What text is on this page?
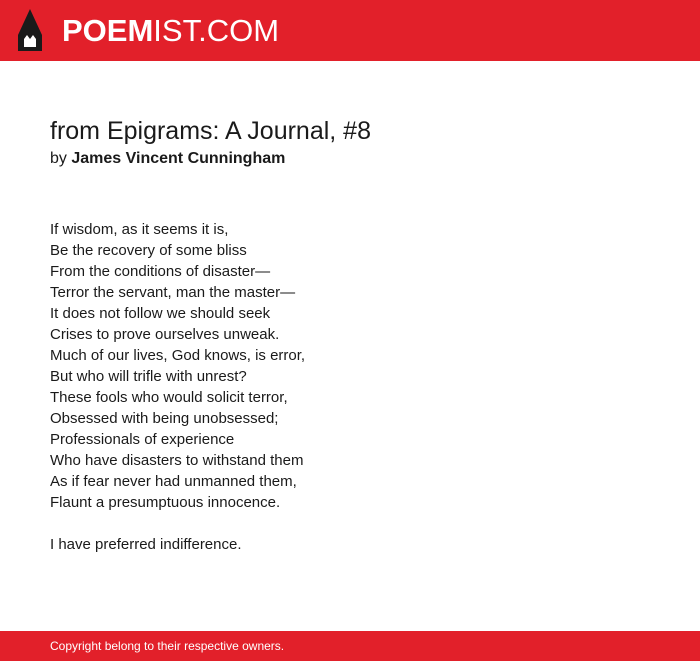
POEMIST.COM
from Epigrams: A Journal, #8
by James Vincent Cunningham
If wisdom, as it seems it is,
Be the recovery of some bliss
From the conditions of disaster—
Terror the servant, man the master—
It does not follow we should seek
Crises to prove ourselves unweak.
Much of our lives, God knows, is error,
But who will trifle with unrest?
These fools who would solicit terror,
Obsessed with being unobsessed;
Professionals of experience
Who have disasters to withstand them
As if fear never had unmanned them,
Flaunt a presumptuous innocence.
I have preferred indifference.
Copyright belong to their respective owners.
